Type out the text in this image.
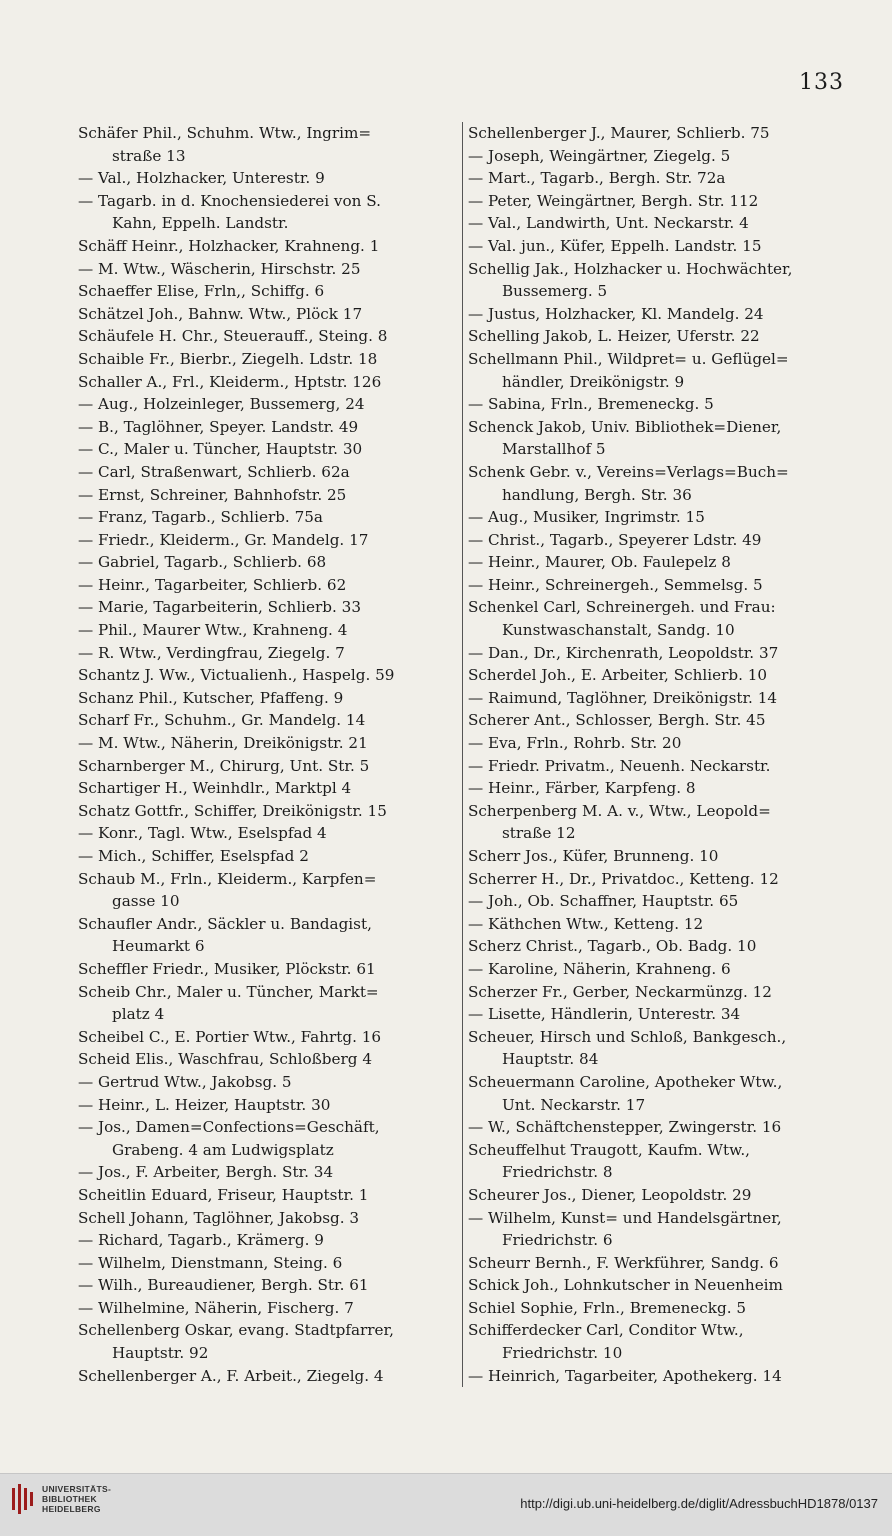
133
Schäfer Phil., Schuhm. Wtw., Ingrim=
straße 13
— Val., Holzhacker, Unterestr. 9
— Tagarb. in d. Knochensiederei von S.
Kahn, Eppelh. Landstr.
Schäff Heinr., Holzhacker, Krahneng. 1
— M. Wtw., Wäscherin, Hirschstr. 25
Schaeffer Elise, Frln,, Schiffg. 6
Schätzel Joh., Bahnw. Wtw., Plöck 17
Schäufele H. Chr., Steuerauff., Steing. 8
Schaible Fr., Bierbr., Ziegelh. Ldstr. 18
Schaller A., Frl., Kleiderm., Hptstr. 126
— Aug., Holzeinleger, Bussemerg, 24
— B., Taglöhner, Speyer. Landstr. 49
— C., Maler u. Tüncher, Hauptstr. 30
— Carl, Straßenwart, Schlierb. 62a
— Ernst, Schreiner, Bahnhofstr. 25
— Franz, Tagarb., Schlierb. 75a
— Friedr., Kleiderm., Gr. Mandelg. 17
— Gabriel, Tagarb., Schlierb. 68
— Heinr., Tagarbeiter, Schlierb. 62
— Marie, Tagarbeiterin, Schlierb. 33
— Phil., Maurer Wtw., Krahneng. 4
— R. Wtw., Verdingfrau, Ziegelg. 7
Schantz J. Ww., Victualienh., Haspelg. 59
Schanz Phil., Kutscher, Pfaffeng. 9
Scharf Fr., Schuhm., Gr. Mandelg. 14
— M. Wtw., Näherin, Dreikönigstr. 21
Scharnberger M., Chirurg, Unt. Str. 5
Schartiger H., Weinhdlr., Marktpl 4
Schatz Gottfr., Schiffer, Dreikönigstr. 15
— Konr., Tagl. Wtw., Eselspfad 4
— Mich., Schiffer, Eselspfad 2
Schaub M., Frln., Kleiderm., Karpfen=
gasse 10
Schaufler Andr., Säckler u. Bandagist,
Heumarkt 6
Scheffler Friedr., Musiker, Plöckstr. 61
Scheib Chr., Maler u. Tüncher, Markt=
platz 4
Scheibel C., E. Portier Wtw., Fahrtg. 16
Scheid Elis., Waschfrau, Schloßberg 4
— Gertrud Wtw., Jakobsg. 5
— Heinr., L. Heizer, Hauptstr. 30
— Jos., Damen=Confections=Geschäft,
Grabeng. 4 am Ludwigsplatz
— Jos., F. Arbeiter, Bergh. Str. 34
Scheitlin Eduard, Friseur, Hauptstr. 1
Schell Johann, Taglöhner, Jakobsg. 3
— Richard, Tagarb., Krämerg. 9
— Wilhelm, Dienstmann, Steing. 6
— Wilh., Bureaudiener, Bergh. Str. 61
— Wilhelmine, Näherin, Fischerg. 7
Schellenberg Oskar, evang. Stadtpfarrer,
Hauptstr. 92
Schellenberger A., F. Arbeit., Ziegelg. 4
Schellenberger J., Maurer, Schlierb. 75
— Joseph, Weingärtner, Ziegelg. 5
— Mart., Tagarb., Bergh. Str. 72a
— Peter, Weingärtner, Bergh. Str. 112
— Val., Landwirth, Unt. Neckarstr. 4
— Val. jun., Küfer, Eppelh. Landstr. 15
Schellig Jak., Holzhacker u. Hochwächter,
Bussemerg. 5
— Justus, Holzhacker, Kl. Mandelg. 24
Schelling Jakob, L. Heizer, Uferstr. 22
Schellmann Phil., Wildpret= u. Geflügel=
händler, Dreikönigstr. 9
— Sabina, Frln., Bremeneckg. 5
Schenck Jakob, Univ. Bibliothek=Diener,
Marstallhof 5
Schenk Gebr. v., Vereins=Verlags=Buch=
handlung, Bergh. Str. 36
— Aug., Musiker, Ingrimstr. 15
— Christ., Tagarb., Speyerer Ldstr. 49
— Heinr., Maurer, Ob. Faulepelz 8
— Heinr., Schreinergeh., Semmelsg. 5
Schenkel Carl, Schreinergeh. und Frau:
Kunstwaschanstalt, Sandg. 10
— Dan., Dr., Kirchenrath, Leopoldstr. 37
Scherdel Joh., E. Arbeiter, Schlierb. 10
— Raimund, Taglöhner, Dreikönigstr. 14
Scherer Ant., Schlosser, Bergh. Str. 45
— Eva, Frln., Rohrb. Str. 20
— Friedr. Privatm., Neuenh. Neckarstr.
— Heinr., Färber, Karpfeng. 8
Scherpenberg M. A. v., Wtw., Leopold=
straße 12
Scherr Jos., Küfer, Brunneng. 10
Scherrer H., Dr., Privatdoc., Ketteng. 12
— Joh., Ob. Schaffner, Hauptstr. 65
— Käthchen Wtw., Ketteng. 12
Scherz Christ., Tagarb., Ob. Badg. 10
— Karoline, Näherin, Krahneng. 6
Scherzer Fr., Gerber, Neckarmünzg. 12
— Lisette, Händlerin, Unterestr. 34
Scheuer, Hirsch und Schloß, Bankgesch.,
Hauptstr. 84
Scheuermann Caroline, Apotheker Wtw.,
Unt. Neckarstr. 17
— W., Schäftchenstepper, Zwingerstr. 16
Scheuffelhut Traugott, Kaufm. Wtw.,
Friedrichstr. 8
Scheurer Jos., Diener, Leopoldstr. 29
— Wilhelm, Kunst= und Handelsgärtner,
Friedrichstr. 6
Scheurr Bernh., F. Werkführer, Sandg. 6
Schick Joh., Lohnkutscher in Neuenheim
Schiel Sophie, Frln., Bremeneckg. 5
Schifferdecker Carl, Conditor Wtw.,
Friedrichstr. 10
— Heinrich, Tagarbeiter, Apothekerg. 14
UNIVERSITÄTS-
BIBLIOTHEK
HEIDELBERG	http://digi.ub.uni-heidelberg.de/diglit/AdressbuchHD1878/0137
